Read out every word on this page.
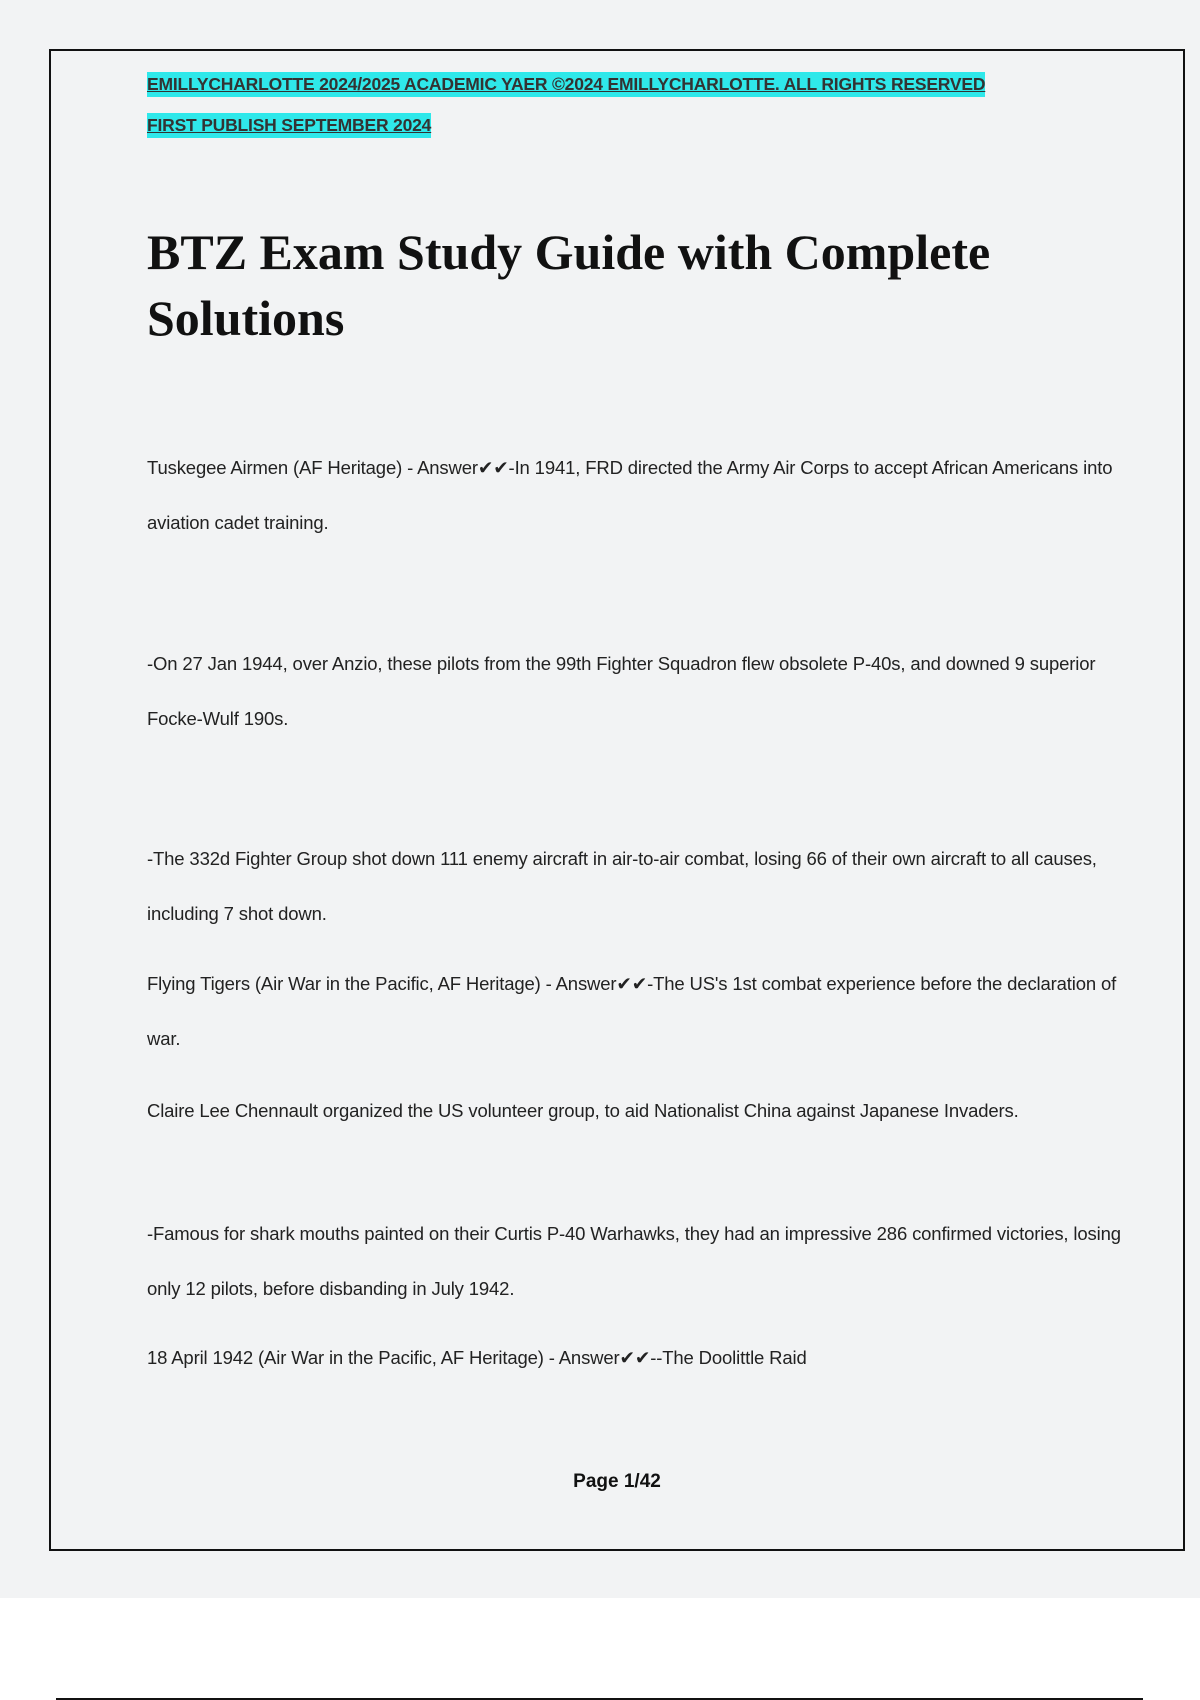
EMILLYCHARLOTTE 2024/2025 ACADEMIC YAER ©2024 EMILLYCHARLOTTE. ALL RIGHTS RESERVED
FIRST PUBLISH SEPTEMBER 2024
BTZ Exam Study Guide with Complete Solutions

Tuskegee Airmen (AF Heritage) - Answer✔✔-In 1941, FRD directed the Army Air Corps to accept African Americans into aviation cadet training.

-On 27 Jan 1944, over Anzio, these pilots from the 99th Fighter Squadron flew obsolete P-40s, and downed 9 superior Focke-Wulf 190s.

-The 332d Fighter Group shot down 111 enemy aircraft in air-to-air combat, losing 66 of their own aircraft to all causes, including 7 shot down.

Flying Tigers (Air War in the Pacific, AF Heritage) - Answer✔✔-The US's 1st combat experience before the declaration of war.

Claire Lee Chennault organized the US volunteer group, to aid Nationalist China against Japanese Invaders.

-Famous for shark mouths painted on their Curtis P-40 Warhawks, they had an impressive 286 confirmed victories, losing only 12 pilots, before disbanding in July 1942.

18 April 1942 (Air War in the Pacific, AF Heritage) - Answer✔✔--The Doolittle Raid

Page 1/42
